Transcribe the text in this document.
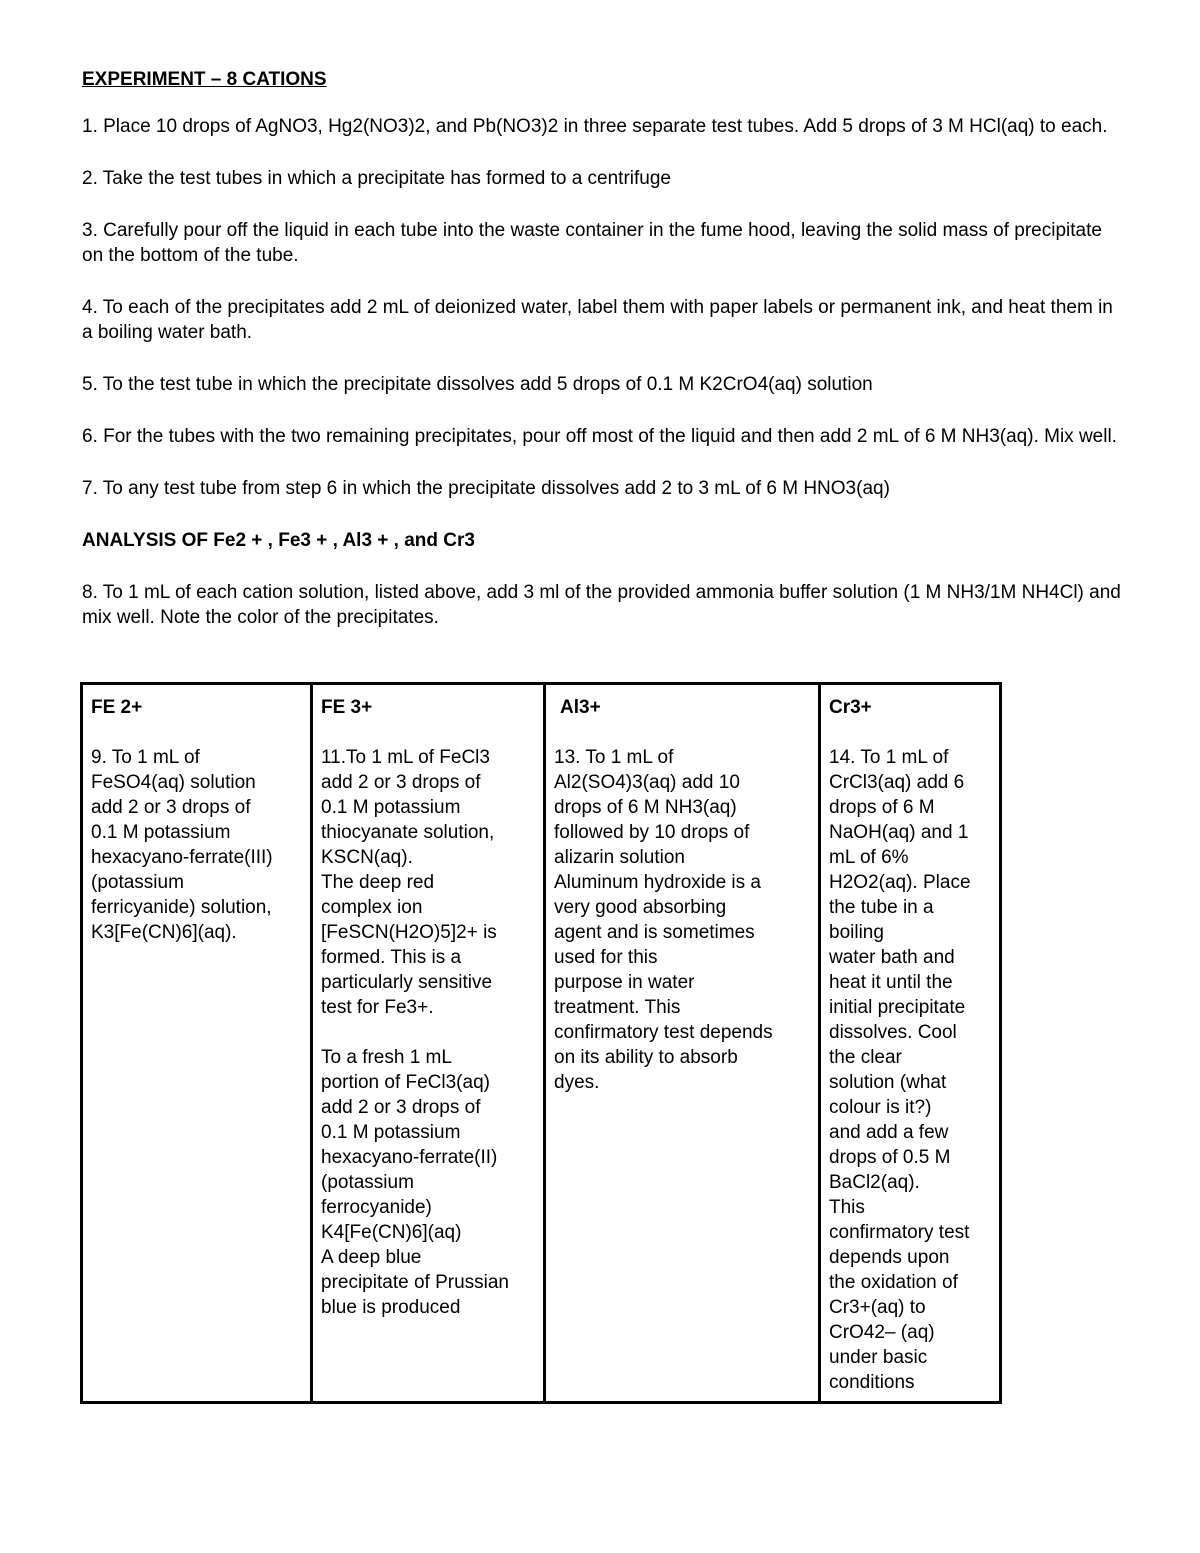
EXPERIMENT – 8 CATIONS

1. Place 10 drops of AgNO3, Hg2(NO3)2, and Pb(NO3)2 in three separate test tubes. Add 5 drops of 3 M HCl(aq) to each.

2. Take the test tubes in which a precipitate has formed to a centrifuge

3. Carefully pour off the liquid in each tube into the waste container in the fume hood, leaving the solid mass of precipitate on the bottom of the tube.

4. To each of the precipitates add 2 mL of deionized water, label them with paper labels or permanent ink, and heat them in a boiling water bath.

5. To the test tube in which the precipitate dissolves add 5 drops of 0.1 M K2CrO4(aq) solution

6. For the tubes with the two remaining precipitates, pour off most of the liquid and then add 2 mL of 6 M NH3(aq). Mix well.

7. To any test tube from step 6 in which the precipitate dissolves add 2 to 3 mL of 6 M HNO3(aq)

ANALYSIS OF Fe2 + , Fe3 + , Al3 + , and Cr3

8. To 1 mL of each cation solution, listed above, add 3 ml of the provided ammonia buffer solution (1 M NH3/1M NH4Cl) and mix well. Note the color of the precipitates.

FE 2+

9. To 1 mL of
FeSO4(aq) solution
add 2 or 3 drops of
0.1 M potassium
hexacyano-ferrate(III)
(potassium
ferricyanide) solution,
K3[Fe(CN)6](aq).

FE 3+

11.To 1 mL of FeCl3
add 2 or 3 drops of
0.1 M potassium
thiocyanate solution,
KSCN(aq).
The deep red
complex ion
[FeSCN(H2O)5]2+ is
formed. This is a
particularly sensitive
test for Fe3+.

To a fresh 1 mL
portion of FeCl3(aq)
add 2 or 3 drops of
0.1 M potassium
hexacyano-ferrate(II)
(potassium
ferrocyanide)
K4[Fe(CN)6](aq)
A deep blue
precipitate of Prussian
blue is produced

Al3+

13. To 1 mL of
Al2(SO4)3(aq) add 10
drops of 6 M NH3(aq)
followed by 10 drops of
alizarin solution
Aluminum hydroxide is a
very good absorbing
agent and is sometimes
used for this
purpose in water
treatment. This
confirmatory test depends
on its ability to absorb
dyes.

Cr3+

14. To 1 mL of
CrCl3(aq) add 6
drops of 6 M
NaOH(aq) and 1
mL of 6%
H2O2(aq). Place
the tube in a
boiling
water bath and
heat it until the
initial precipitate
dissolves. Cool
the clear
solution (what
colour is it?)
and add a few
drops of 0.5 M
BaCl2(aq).
This
confirmatory test
depends upon
the oxidation of
Cr3+(aq) to
CrO42– (aq)
under basic
conditions
